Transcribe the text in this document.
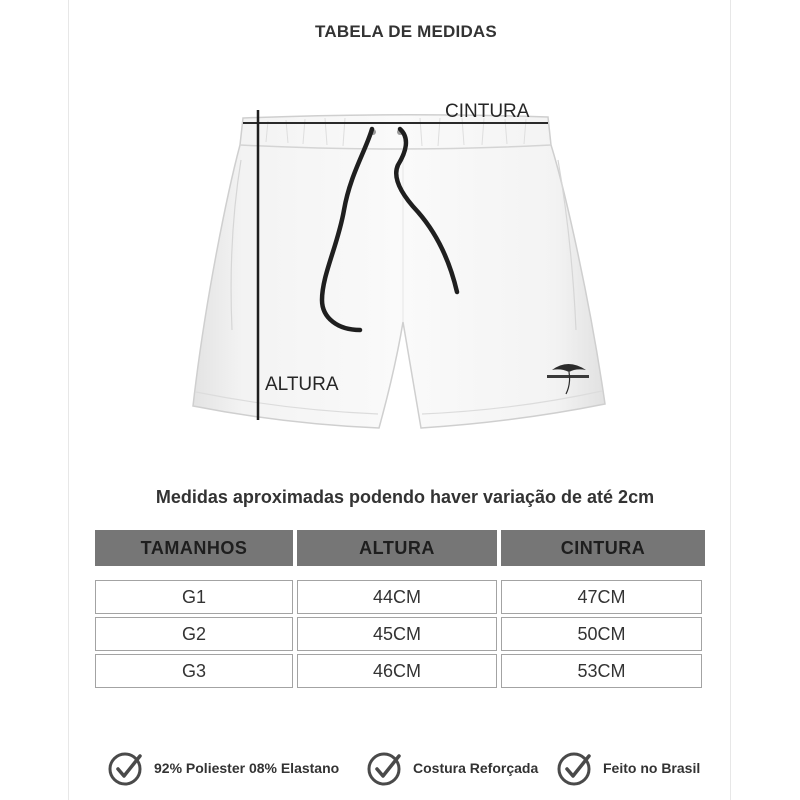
TABELA DE MEDIDAS
CINTURA
ALTURA
Medidas aproximadas podendo haver variação de até 2cm
TAMANHOS	ALTURA	CINTURA
G1	44CM	47CM
G2	45CM	50CM
G3	46CM	53CM
92% Poliester 08% Elastano	Costura Reforçada	Feito no Brasil
